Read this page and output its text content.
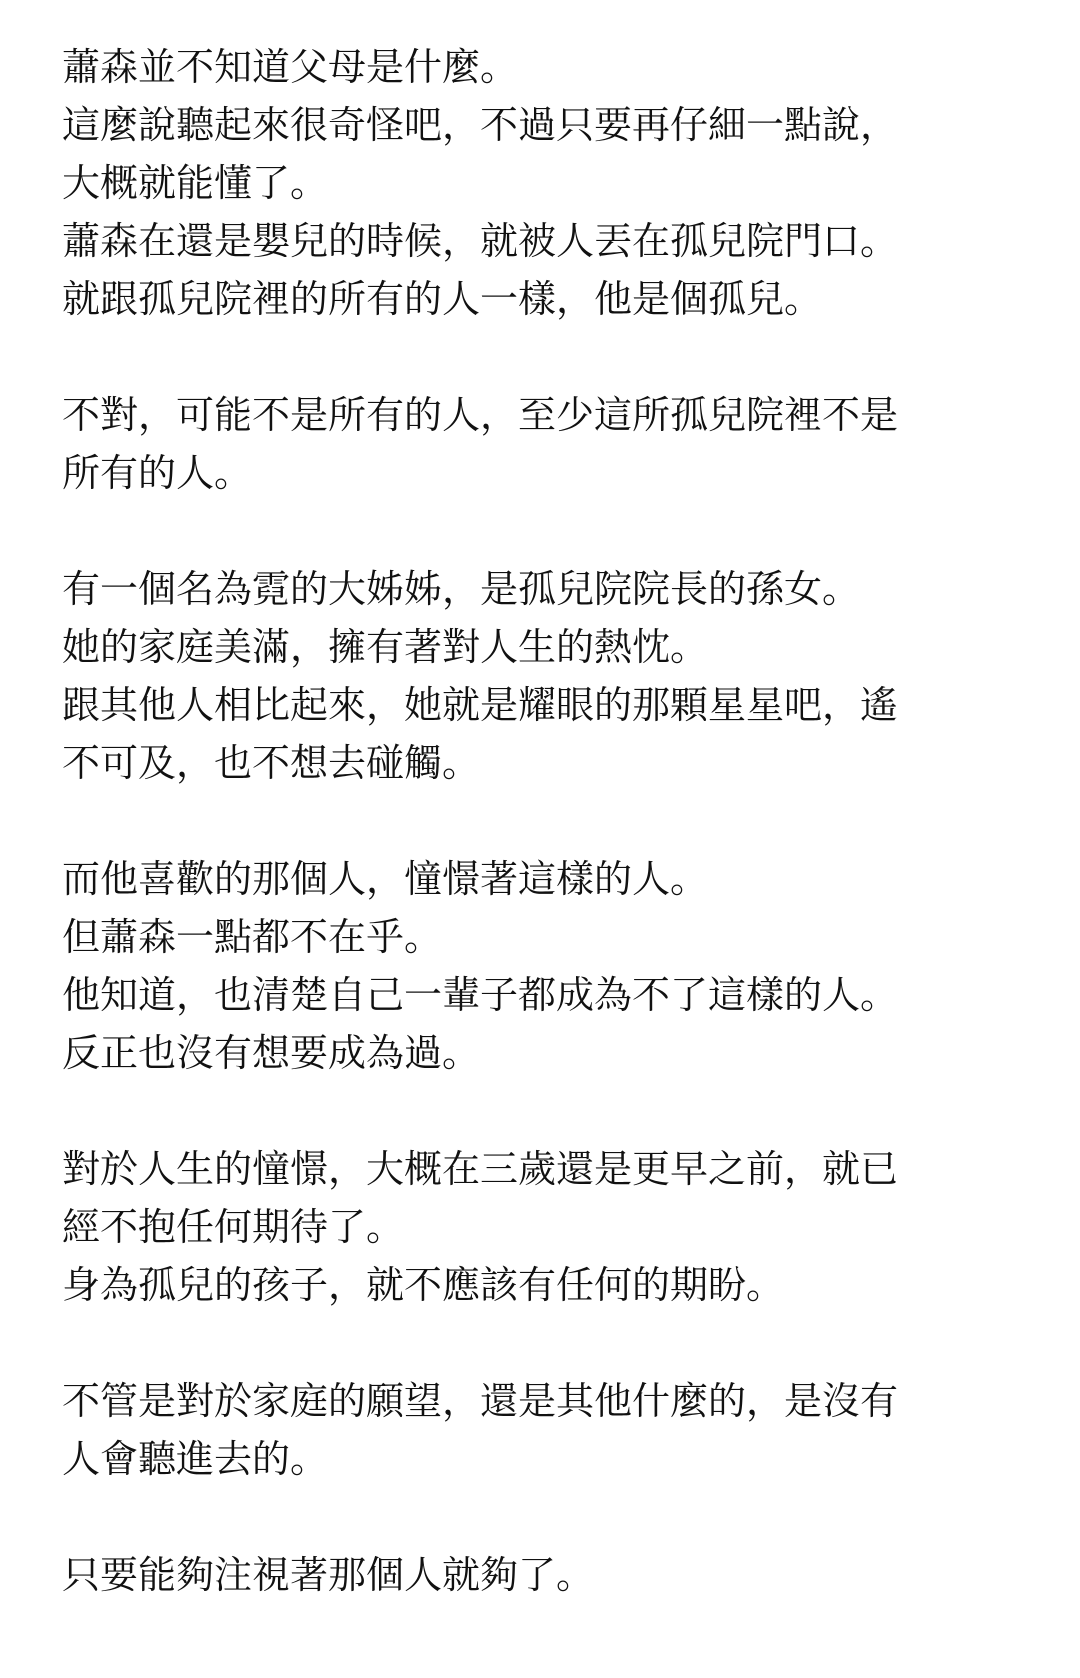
蕭森並不知道父母是什麼。
這麼說聽起來很奇怪吧，不過只要再仔細一點說，
大概就能懂了。
蕭森在還是嬰兒的時候，就被人丟在孤兒院門口。
就跟孤兒院裡的所有的人一樣，他是個孤兒。
不對，可能不是所有的人，至少這所孤兒院裡不是
所有的人。
有一個名為霓的大姊姊，是孤兒院院長的孫女。
她的家庭美滿，擁有著對人生的熱忱。
跟其他人相比起來，她就是耀眼的那顆星星吧，遙
不可及，也不想去碰觸。
而他喜歡的那個人，憧憬著這樣的人。
但蕭森一點都不在乎。
他知道，也清楚自己一輩子都成為不了這樣的人。
反正也沒有想要成為過。
對於人生的憧憬，大概在三歲還是更早之前，就已
經不抱任何期待了。
身為孤兒的孩子，就不應該有任何的期盼。
不管是對於家庭的願望，還是其他什麼的，是沒有
人會聽進去的。
只要能夠注視著那個人就夠了。
